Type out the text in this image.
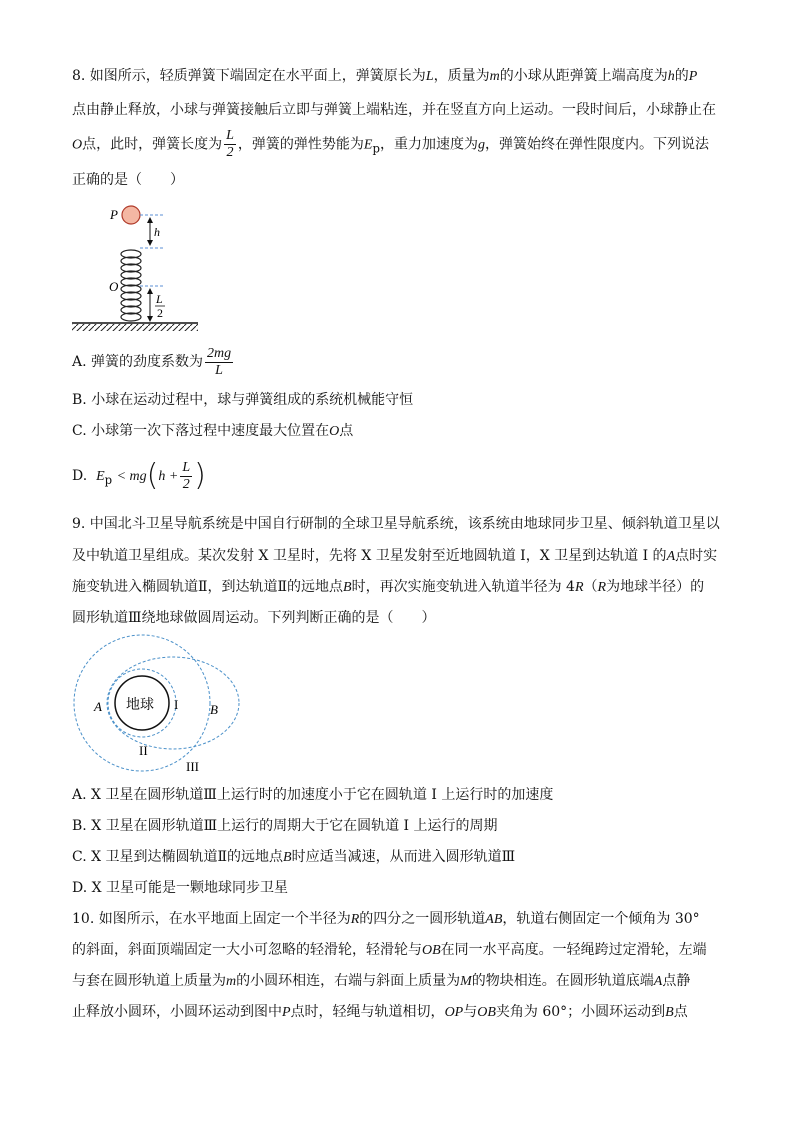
8. 如图所示，轻质弹簧下端固定在水平面上，弹簧原长为L，质量为m的小球从距弹簧上端高度为h的P
点由静止释放，小球与弹簧接触后立即与弹簧上端粘连，并在竖直方向上运动。一段时间后，小球静止在
O点，此时，弹簧长度为 $\frac{L}{2}$ ，弹簧的弹性势能为$E_p$，重力加速度为g，弹簧始终在弹性限度内。下列说法
正确的是（　　）
P
h
O
L
2
A. 弹簧的劲度系数为 $\frac{2mg}{L}$
B. 小球在运动过程中，球与弹簧组成的系统机械能守恒
C. 小球第一次下落过程中速度最大位置在O点
D. $E_p < mg(h + \frac{L}{2}$ )
9. 中国北斗卫星导航系统是中国自行研制的全球卫星导航系统，该系统由地球同步卫星、倾斜轨道卫星以
及中轨道卫星组成。某次发射 X 卫星时，先将 X 卫星发射至近地圆轨道 I，X 卫星到达轨道 I 的A点时实
施变轨进入椭圆轨道Ⅱ，到达轨道Ⅱ的远地点B时，再次实施变轨进入轨道半径为 4R（R为地球半径）的
圆形轨道Ⅲ绕地球做圆周运动。下列判断正确的是（　　）
地球
A	I B
II
III
A. X 卫星在圆形轨道Ⅲ上运行时的加速度小于它在圆轨道 I 上运行时的加速度
B. X 卫星在圆形轨道Ⅲ上运行的周期大于它在圆轨道 I 上运行的周期
C. X 卫星到达椭圆轨道Ⅱ的远地点B时应适当减速，从而进入圆形轨道Ⅲ
D. X 卫星可能是一颗地球同步卫星
10. 如图所示，在水平地面上固定一个半径为R的四分之一圆形轨道AB，轨道右侧固定一个倾角为 30°
的斜面，斜面顶端固定一大小可忽略的轻滑轮，轻滑轮与OB在同一水平高度。一轻绳跨过定滑轮，左端
与套在圆形轨道上质量为m的小圆环相连，右端与斜面上质量为M的物块相连。在圆形轨道底端A点静
止释放小圆环，小圆环运动到图中P点时，轻绳与轨道相切，OP与OB夹角为 60°；小圆环运动到B点
